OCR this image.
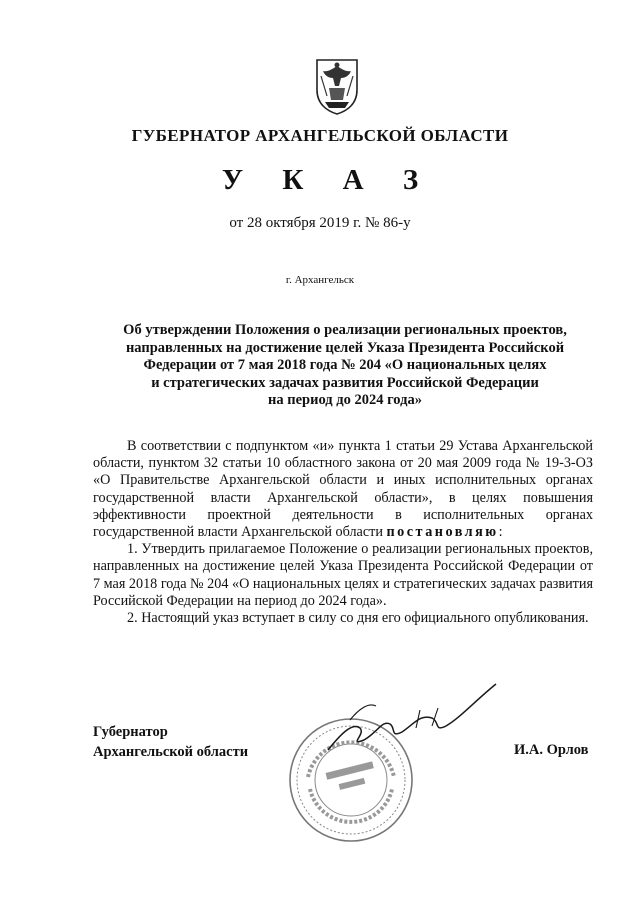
ГУБЕРНАТОР АРХАНГЕЛЬСКОЙ ОБЛАСТИ
У К А З
от 28 октября 2019 г. № 86-у
г. Архангельск
Об утверждении Положения о реализации региональных проектов,
направленных на достижение целей Указа Президента Российской
Федерации от 7 мая 2018 года № 204 «О национальных целях
и стратегических задачах развития Российской Федерации
на период до 2024 года»

В соответствии с подпунктом «и» пункта 1 статьи 29 Устава Архангельской области, пунктом 32 статьи 10 областного закона от 20 мая 2009 года № 19-3-ОЗ «О Правительстве Архангельской области и иных исполнительных органах государственной власти Архангельской области», в целях повышения эффективности проектной деятельности в исполнительных органах государственной власти Архангельской области постановляю:

1. Утвердить прилагаемое Положение о реализации региональных проектов, направленных на достижение целей Указа Президента Российской Федерации от 7 мая 2018 года № 204 «О национальных целях и стратегических задачах развития Российской Федерации на период до 2024 года».

2. Настоящий указ вступает в силу со дня его официального опубликования.

Губернатор
Архангельской области	И.А. Орлов
